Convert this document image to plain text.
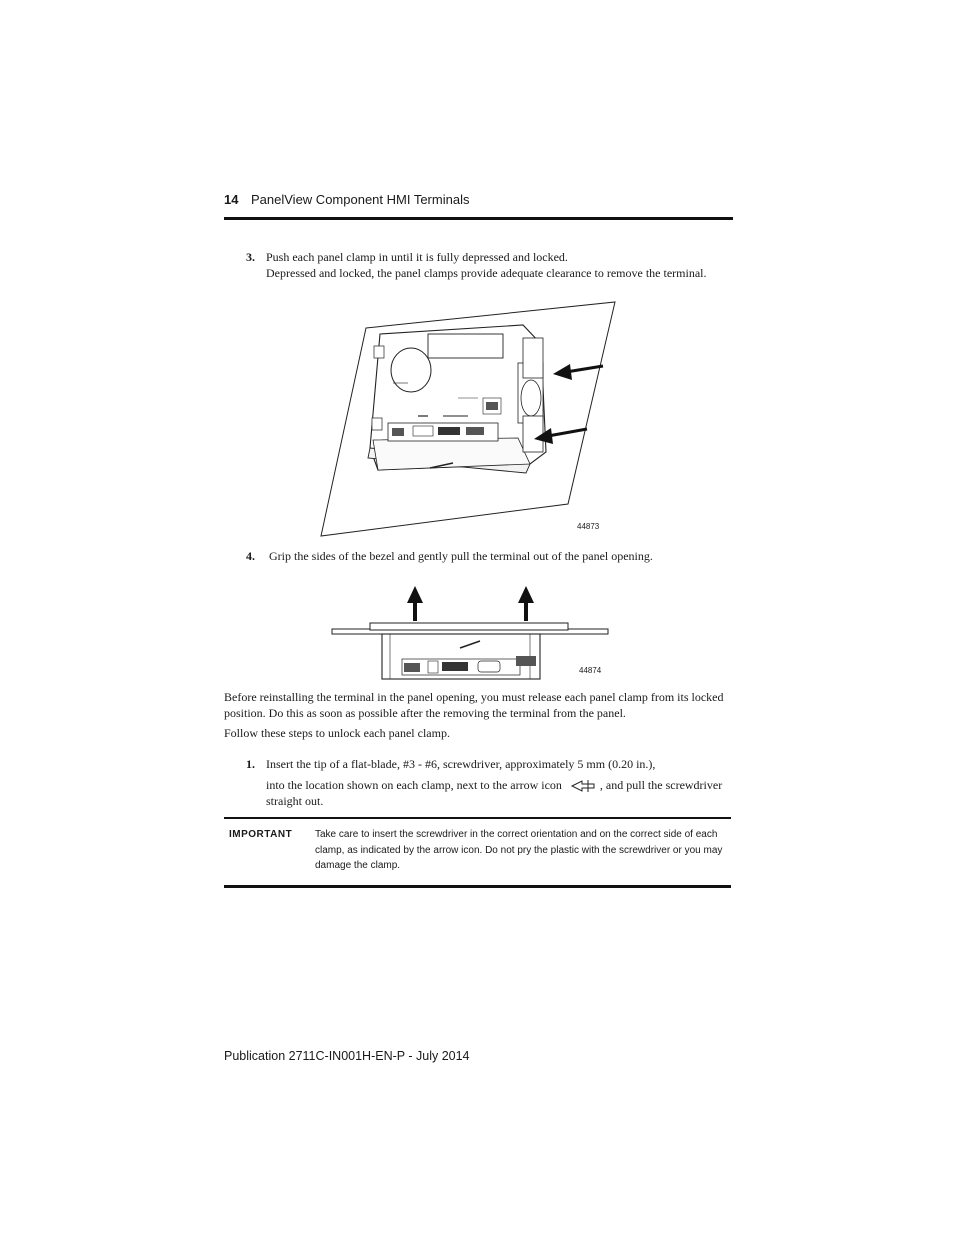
14 PanelView Component HMI Terminals
3. Push each panel clamp in until it is fully depressed and locked.
Depressed and locked, the panel clamps provide adequate clearance to remove the terminal.
44873
4. Grip the sides of the bezel and gently pull the terminal out of the panel opening.
44874
Before reinstalling the terminal in the panel opening, you must release each panel clamp from its locked
position. Do this as soon as possible after the removing the terminal from the panel.
Follow these steps to unlock each panel clamp.
1. Insert the tip of a flat-blade, #3 - #6, screwdriver, approximately 5 mm (0.20 in.),
into the location shown on each clamp, next to the arrow icon	, and pull the screwdriver
straight out.
IMPORTANT Take care to insert the screwdriver in the correct orientation and on the correct side of each
clamp, as indicated by the arrow icon. Do not pry the plastic with the screwdriver or you may
damage the clamp.
Publication 2711C-IN001H-EN-P - July 2014
